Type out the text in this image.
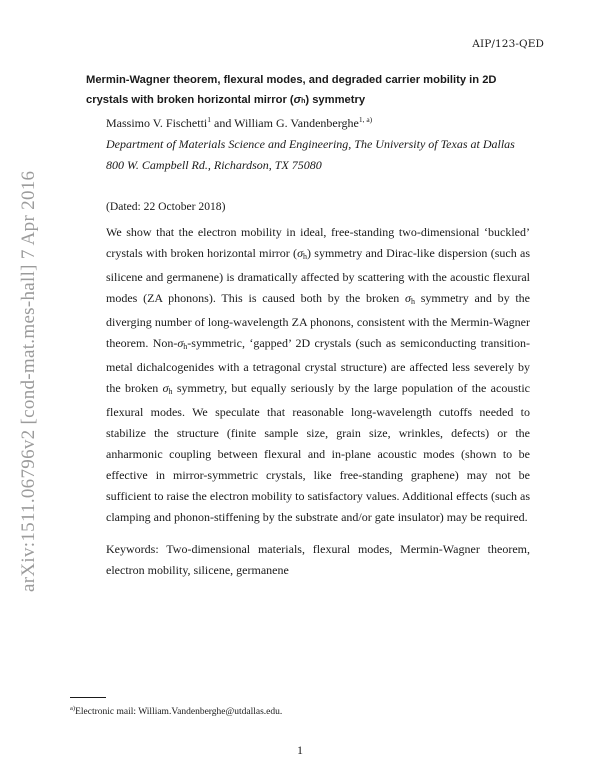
AIP/123-QED
arXiv:1511.06796v2 [cond-mat.mes-hall] 7 Apr 2016
Mermin-Wagner theorem, flexural modes, and degraded carrier mobility in 2D crystals with broken horizontal mirror (σh) symmetry
Massimo V. Fischetti$^1$ and William G. Vandenberghe$^{1, a)}$
Department of Materials Science and Engineering, The University of Texas at Dallas
800 W. Campbell Rd., Richardson, TX 75080
(Dated: 22 October 2018)
We show that the electron mobility in ideal, free-standing two-dimensional ‘buckled’ crystals with broken horizontal mirror (σh) symmetry and Dirac-like dispersion (such as silicene and germanene) is dramatically affected by scattering with the acoustic flexural modes (ZA phonons). This is caused both by the broken σh symmetry and by the diverging number of long-wavelength ZA phonons, consistent with the Mermin-Wagner theorem. Non-σh-symmetric, ‘gapped’ 2D crystals (such as semiconducting transition-metal dichalcogenides with a tetragonal crystal structure) are affected less severely by the broken σh symmetry, but equally seriously by the large population of the acoustic flexural modes. We speculate that reasonable long-wavelength cutoffs needed to stabilize the structure (finite sample size, grain size, wrinkles, defects) or the anharmonic coupling between flexural and in-plane acoustic modes (shown to be effective in mirror-symmetric crystals, like free-standing graphene) may not be sufficient to raise the electron mobility to satisfactory values. Additional effects (such as clamping and phonon-stiffening by the substrate and/or gate insulator) may be required.
Keywords: Two-dimensional materials, flexural modes, Mermin-Wagner theorem, electron mobility, silicene, germanene
$^{a)}$Electronic mail: William.Vandenberghe@utdallas.edu.
1
